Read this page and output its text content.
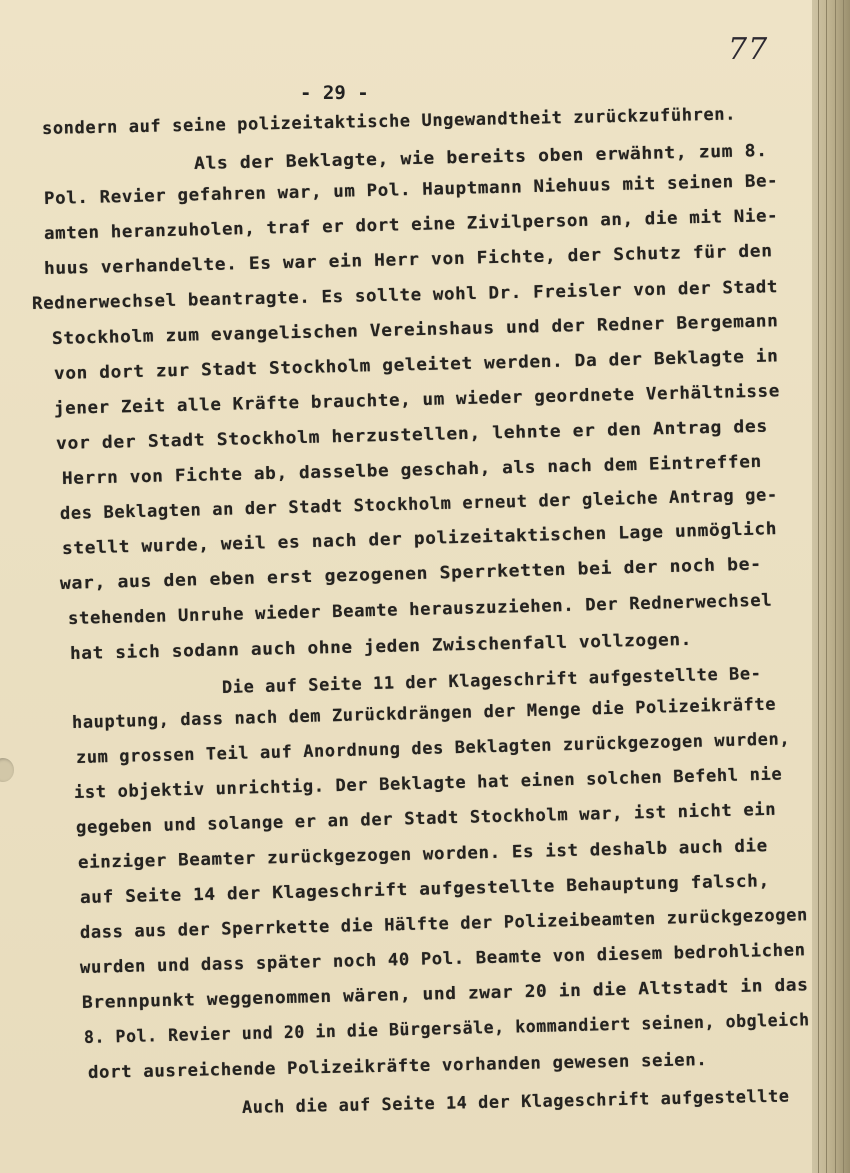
77
- 29 -
sondern auf seine polizeitaktische Ungewandtheit zurückzuführen.
Als der Beklagte, wie bereits oben erwähnt, zum 8.
Pol. Revier gefahren war, um Pol. Hauptmann Niehuus mit seinen Be-
amten heranzuholen, traf er dort eine Zivilperson an, die mit Nie-
huus verhandelte. Es war ein Herr von Fichte, der Schutz für den
Rednerwechsel beantragte. Es sollte wohl Dr. Freisler von der Stadt
Stockholm zum evangelischen Vereinshaus und der Redner Bergemann
von dort zur Stadt Stockholm geleitet werden. Da der Beklagte in
jener Zeit alle Kräfte brauchte, um wieder geordnete Verhältnisse
vor der Stadt Stockholm herzustellen, lehnte er den Antrag des
Herrn von Fichte ab, dasselbe geschah, als nach dem Eintreffen
des Beklagten an der Stadt Stockholm erneut der gleiche Antrag ge-
stellt wurde, weil es nach der polizeitaktischen Lage unmöglich
war, aus den eben erst gezogenen Sperrketten bei der noch be-
stehenden Unruhe wieder Beamte herauszuziehen. Der Rednerwechsel
hat sich sodann auch ohne jeden Zwischenfall vollzogen.
Die auf Seite 11 der Klageschrift aufgestellte Be-
hauptung, dass nach dem Zurückdrängen der Menge die Polizeikräfte
zum grossen Teil auf Anordnung des Beklagten zurückgezogen wurden,
ist objektiv unrichtig. Der Beklagte hat einen solchen Befehl nie
gegeben und solange er an der Stadt Stockholm war, ist nicht ein
einziger Beamter zurückgezogen worden. Es ist deshalb auch die
auf Seite 14 der Klageschrift aufgestellte Behauptung falsch,
dass aus der Sperrkette die Hälfte der Polizeibeamten zurückgezogen
wurden und dass später noch 40 Pol. Beamte von diesem bedrohlichen
Brennpunkt weggenommen wären, und zwar 20 in die Altstadt in das
8. Pol. Revier und 20 in die Bürgersäle, kommandiert seinen, obgleich
dort ausreichende Polizeikräfte vorhanden gewesen seien.
Auch die auf Seite 14 der Klageschrift aufgestellte
